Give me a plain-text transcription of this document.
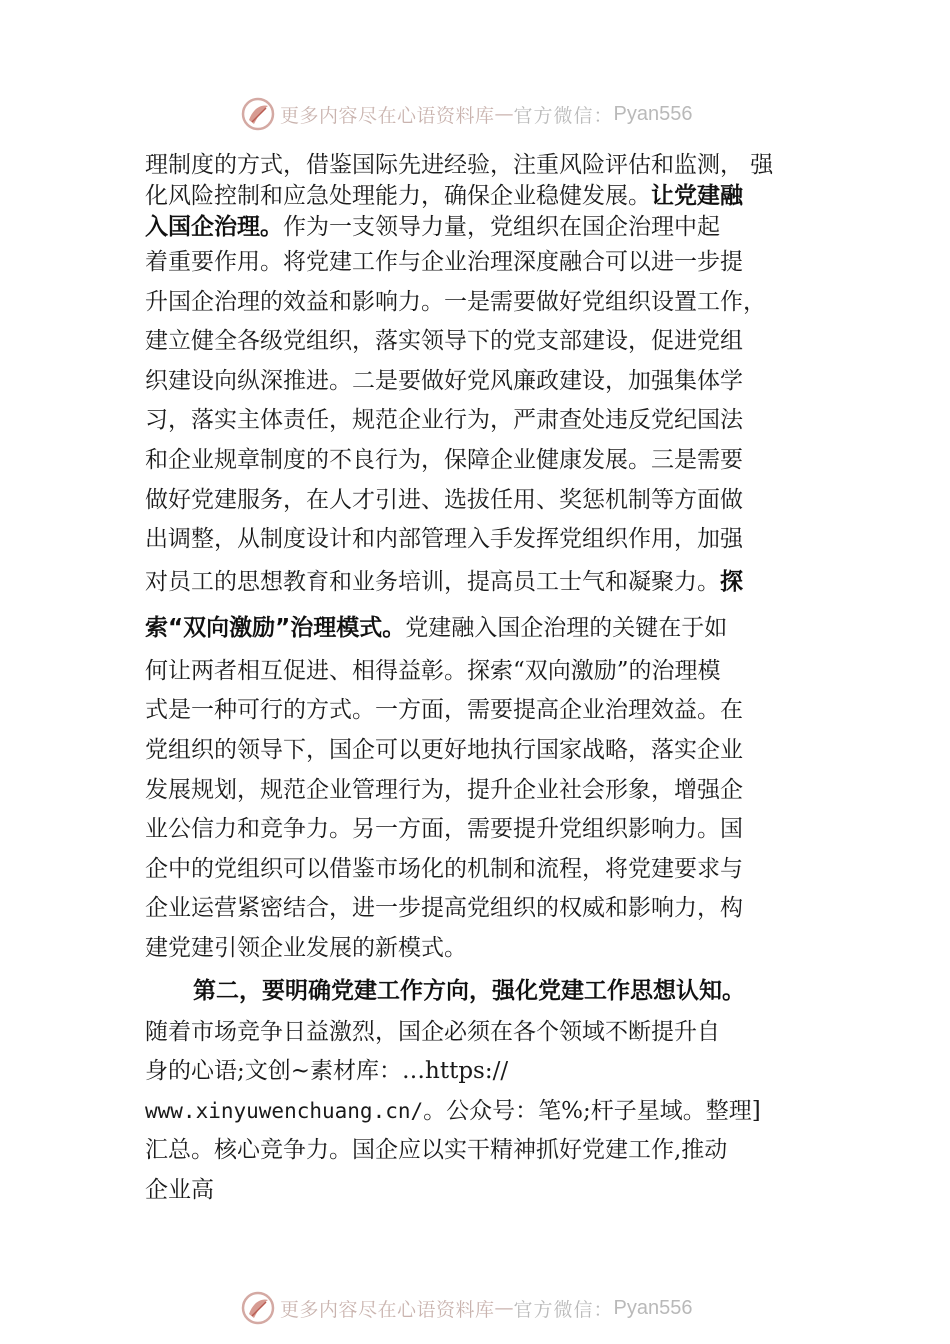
更多内容尽在心语资料库 — 官方微信： Pyan556

理制度的方式，借鉴国际先进经验，注重风险评估和监测， 强
化风险控制和应急处理能力，确保企业稳健发展。让党建融
入国企治理。作为一支领导力量，党组织在国企治理中起
着重要作用。将党建工作与企业治理深度融合可以进一步提
升国企治理的效益和影响力。一是需要做好党组织设置工作，
建立健全各级党组织，落实领导下的党支部建设，促进党组
织建设向纵深推进。二是要做好党风廉政建设，加强集体学
习，落实主体责任，规范企业行为，严肃查处违反党纪国法
和企业规章制度的不良行为，保障企业健康发展。三是需要
做好党建服务，在人才引进、选拔任用、奖惩机制等方面做
出调整，从制度设计和内部管理入手发挥党组织作用，加强
对员工的思想教育和业务培训，提高员工士气和凝聚力。探
索“双向激励”治理模式。党建融入国企治理的关键在于如
何让两者相互促进、相得益彰。探索“双向激励”的治理模
式是一种可行的方式。一方面，需要提高企业治理效益。在
党组织的领导下，国企可以更好地执行国家战略，落实企业
发展规划，规范企业管理行为，提升企业社会形象，增强企
业公信力和竞争力。另一方面，需要提升党组织影响力。国
企中的党组织可以借鉴市场化的机制和流程，将党建要求与
企业运营紧密结合，进一步提高党组织的权威和影响力，构
建党建引领企业发展的新模式。

第二，要明确党建工作方向，强化党建工作思想认知。
随着市场竞争日益激烈，国企必须在各个领域不断提升自
身的心语;文创~素材库：…https://
www.xinyuwenchuang.cn/。公众号：笔%;杆子星域。整理]
汇总。核心竞争力。国企应以实干精神抓好党建工作,推动
企业高

更多内容尽在心语资料库 — 官方微信： Pyan556
